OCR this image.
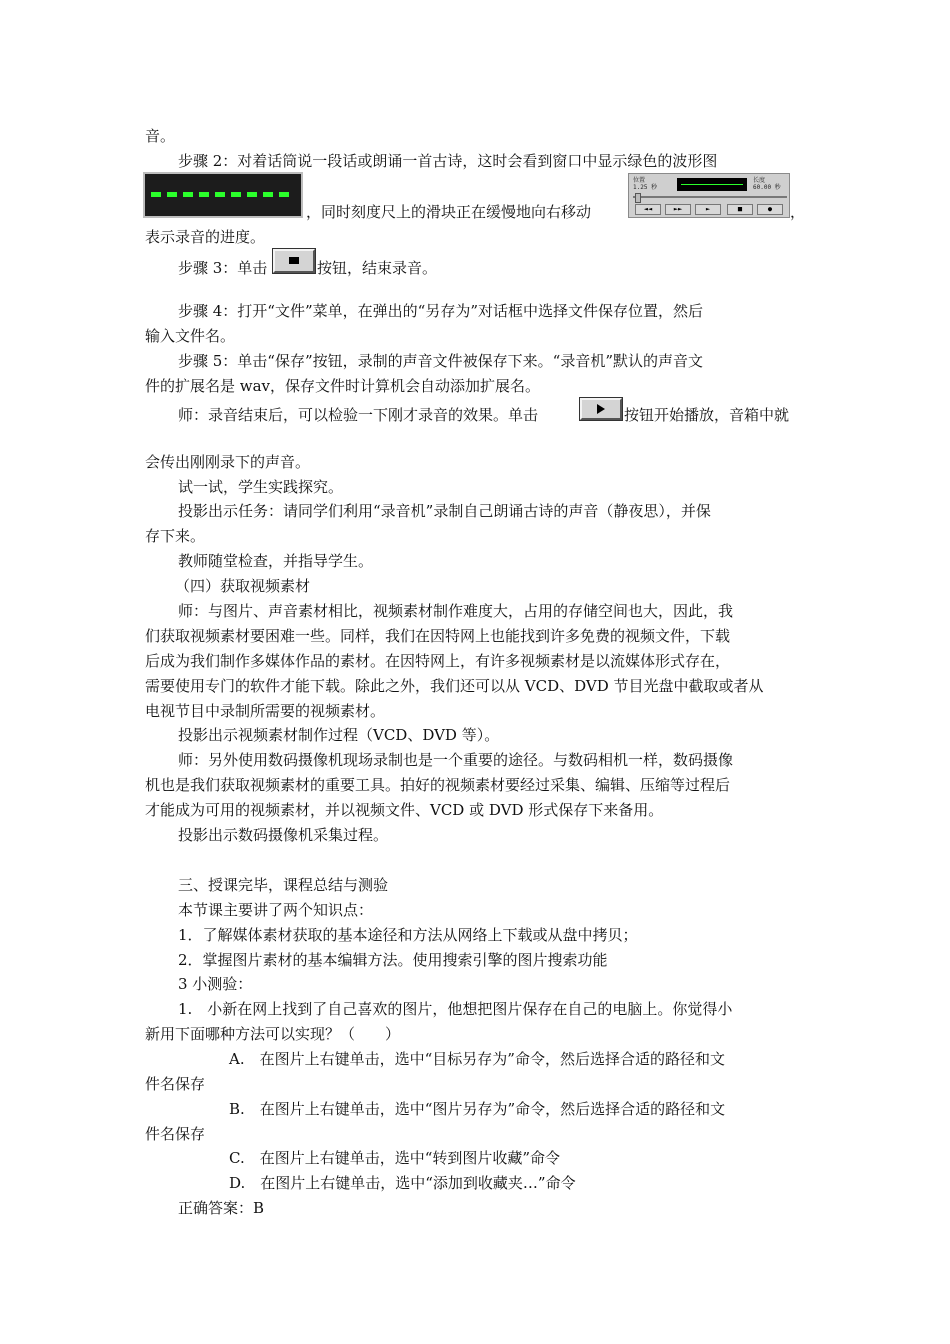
音。
步骤 2：对着话筒说一段话或朗诵一首古诗，这时会看到窗口中显示绿色的波形图
，同时刻度尺上的滑块正在缓慢地向右移动
位置
1.25 秒
长度
60.00 秒
◄◄	►►	►	■	●	，
表示录音的进度。
步骤 3：单击	按钮，结束录音。
步骤 4：打开“文件”菜单，在弹出的“另存为”对话框中选择文件保存位置，然后
输入文件名。
步骤 5：单击“保存”按钮，录制的声音文件被保存下来。“录音机”默认的声音文
件的扩展名是 wav，保存文件时计算机会自动添加扩展名。
师：录音结束后，可以检验一下刚才录音的效果。单击	按钮开始播放，音箱中就
会传出刚刚录下的声音。
试一试，学生实践探究。
投影出示任务：请同学们利用“录音机”录制自己朗诵古诗的声音（静夜思），并保
存下来。
教师随堂检查，并指导学生。
（四）获取视频素材
师：与图片、声音素材相比，视频素材制作难度大，占用的存储空间也大，因此，我
们获取视频素材要困难一些。同样，我们在因特网上也能找到许多免费的视频文件，下载
后成为我们制作多媒体作品的素材。在因特网上，有许多视频素材是以流媒体形式存在，
需要使用专门的软件才能下载。除此之外，我们还可以从 VCD、DVD 节目光盘中截取或者从
电视节目中录制所需要的视频素材。
投影出示视频素材制作过程（VCD、DVD 等）。
师：另外使用数码摄像机现场录制也是一个重要的途径。与数码相机一样，数码摄像
机也是我们获取视频素材的重要工具。拍好的视频素材要经过采集、编辑、压缩等过程后
才能成为可用的视频素材，并以视频文件、VCD 或 DVD 形式保存下来备用。
投影出示数码摄像机采集过程。
三、授课完毕，课程总结与测验
本节课主要讲了两个知识点：
1．了解媒体素材获取的基本途径和方法从网络上下载或从盘中拷贝；
2．掌握图片素材的基本编辑方法。使用搜索引擎的图片搜索功能
3 小测验：
1.　小新在网上找到了自己喜欢的图片，他想把图片保存在自己的电脑上。你觉得小
新用下面哪种方法可以实现？（　　）
A.　在图片上右键单击，选中“目标另存为”命令，然后选择合适的路径和文
件名保存
B.　在图片上右键单击，选中“图片另存为”命令，然后选择合适的路径和文
件名保存
C.　在图片上右键单击，选中“转到图片收藏”命令
D.　在图片上右键单击，选中“添加到收藏夹…”命令
正确答案：B
